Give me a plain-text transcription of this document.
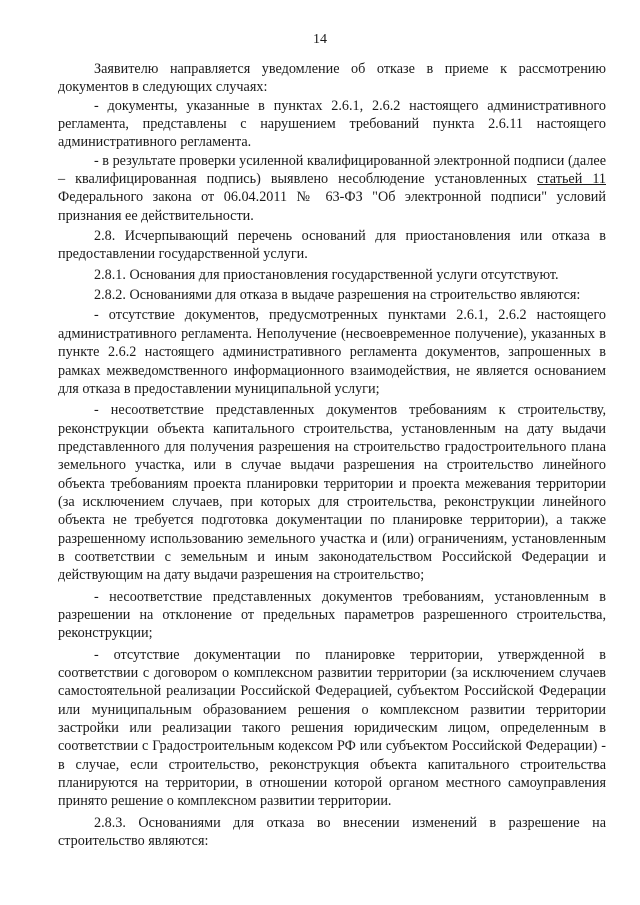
14

Заявителю направляется уведомление об отказе в приеме к рассмотрению документов в следующих случаях:

- документы, указанные в пунктах 2.6.1, 2.6.2 настоящего административного регламента, представлены с нарушением требований пункта 2.6.11 настоящего административного регламента.

- в результате проверки усиленной квалифицированной электронной подписи (далее – квалифицированная подпись) выявлено несоблюдение установленных статьей 11 Федерального закона от 06.04.2011 № 63-ФЗ "Об электронной подписи" условий признания ее действительности.

2.8. Исчерпывающий перечень оснований для приостановления или отказа в предоставлении государственной услуги.

2.8.1. Основания для приостановления государственной услуги отсутствуют.

2.8.2. Основаниями для отказа в выдаче разрешения на строительство являются:

- отсутствие документов, предусмотренных пунктами 2.6.1, 2.6.2 настоящего административного регламента. Неполучение (несвоевременное получение), указанных в пункте 2.6.2 настоящего административного регламента документов, запрошенных в рамках межведомственного информационного взаимодействия, не является основанием для отказа в предоставлении муниципальной услуги;

- несоответствие представленных документов требованиям к строительству, реконструкции объекта капитального строительства, установленным на дату выдачи представленного для получения разрешения на строительство градостроительного плана земельного участка, или в случае выдачи разрешения на строительство линейного объекта требованиям проекта планировки территории и проекта межевания территории (за исключением случаев, при которых для строительства, реконструкции линейного объекта не требуется подготовка документации по планировке территории), а также разрешенному использованию земельного участка и (или) ограничениям, установленным в соответствии с земельным и иным законодательством Российской Федерации и действующим на дату выдачи разрешения на строительство;

- несоответствие представленных документов требованиям, установленным в разрешении на отклонение от предельных параметров разрешенного строительства, реконструкции;

- отсутствие документации по планировке территории, утвержденной в соответствии с договором о комплексном развитии территории (за исключением случаев самостоятельной реализации Российской Федерацией, субъектом Российской Федерации или муниципальным образованием решения о комплексном развитии территории застройки или реализации такого решения юридическим лицом, определенным в соответствии с Градостроительным кодексом РФ или субъектом Российской Федерации) - в случае, если строительство, реконструкция объекта капитального строительства планируются на территории, в отношении которой органом местного самоуправления принято решение о комплексном развитии территории.

2.8.3. Основаниями для отказа во внесении изменений в разрешение на строительство являются:
